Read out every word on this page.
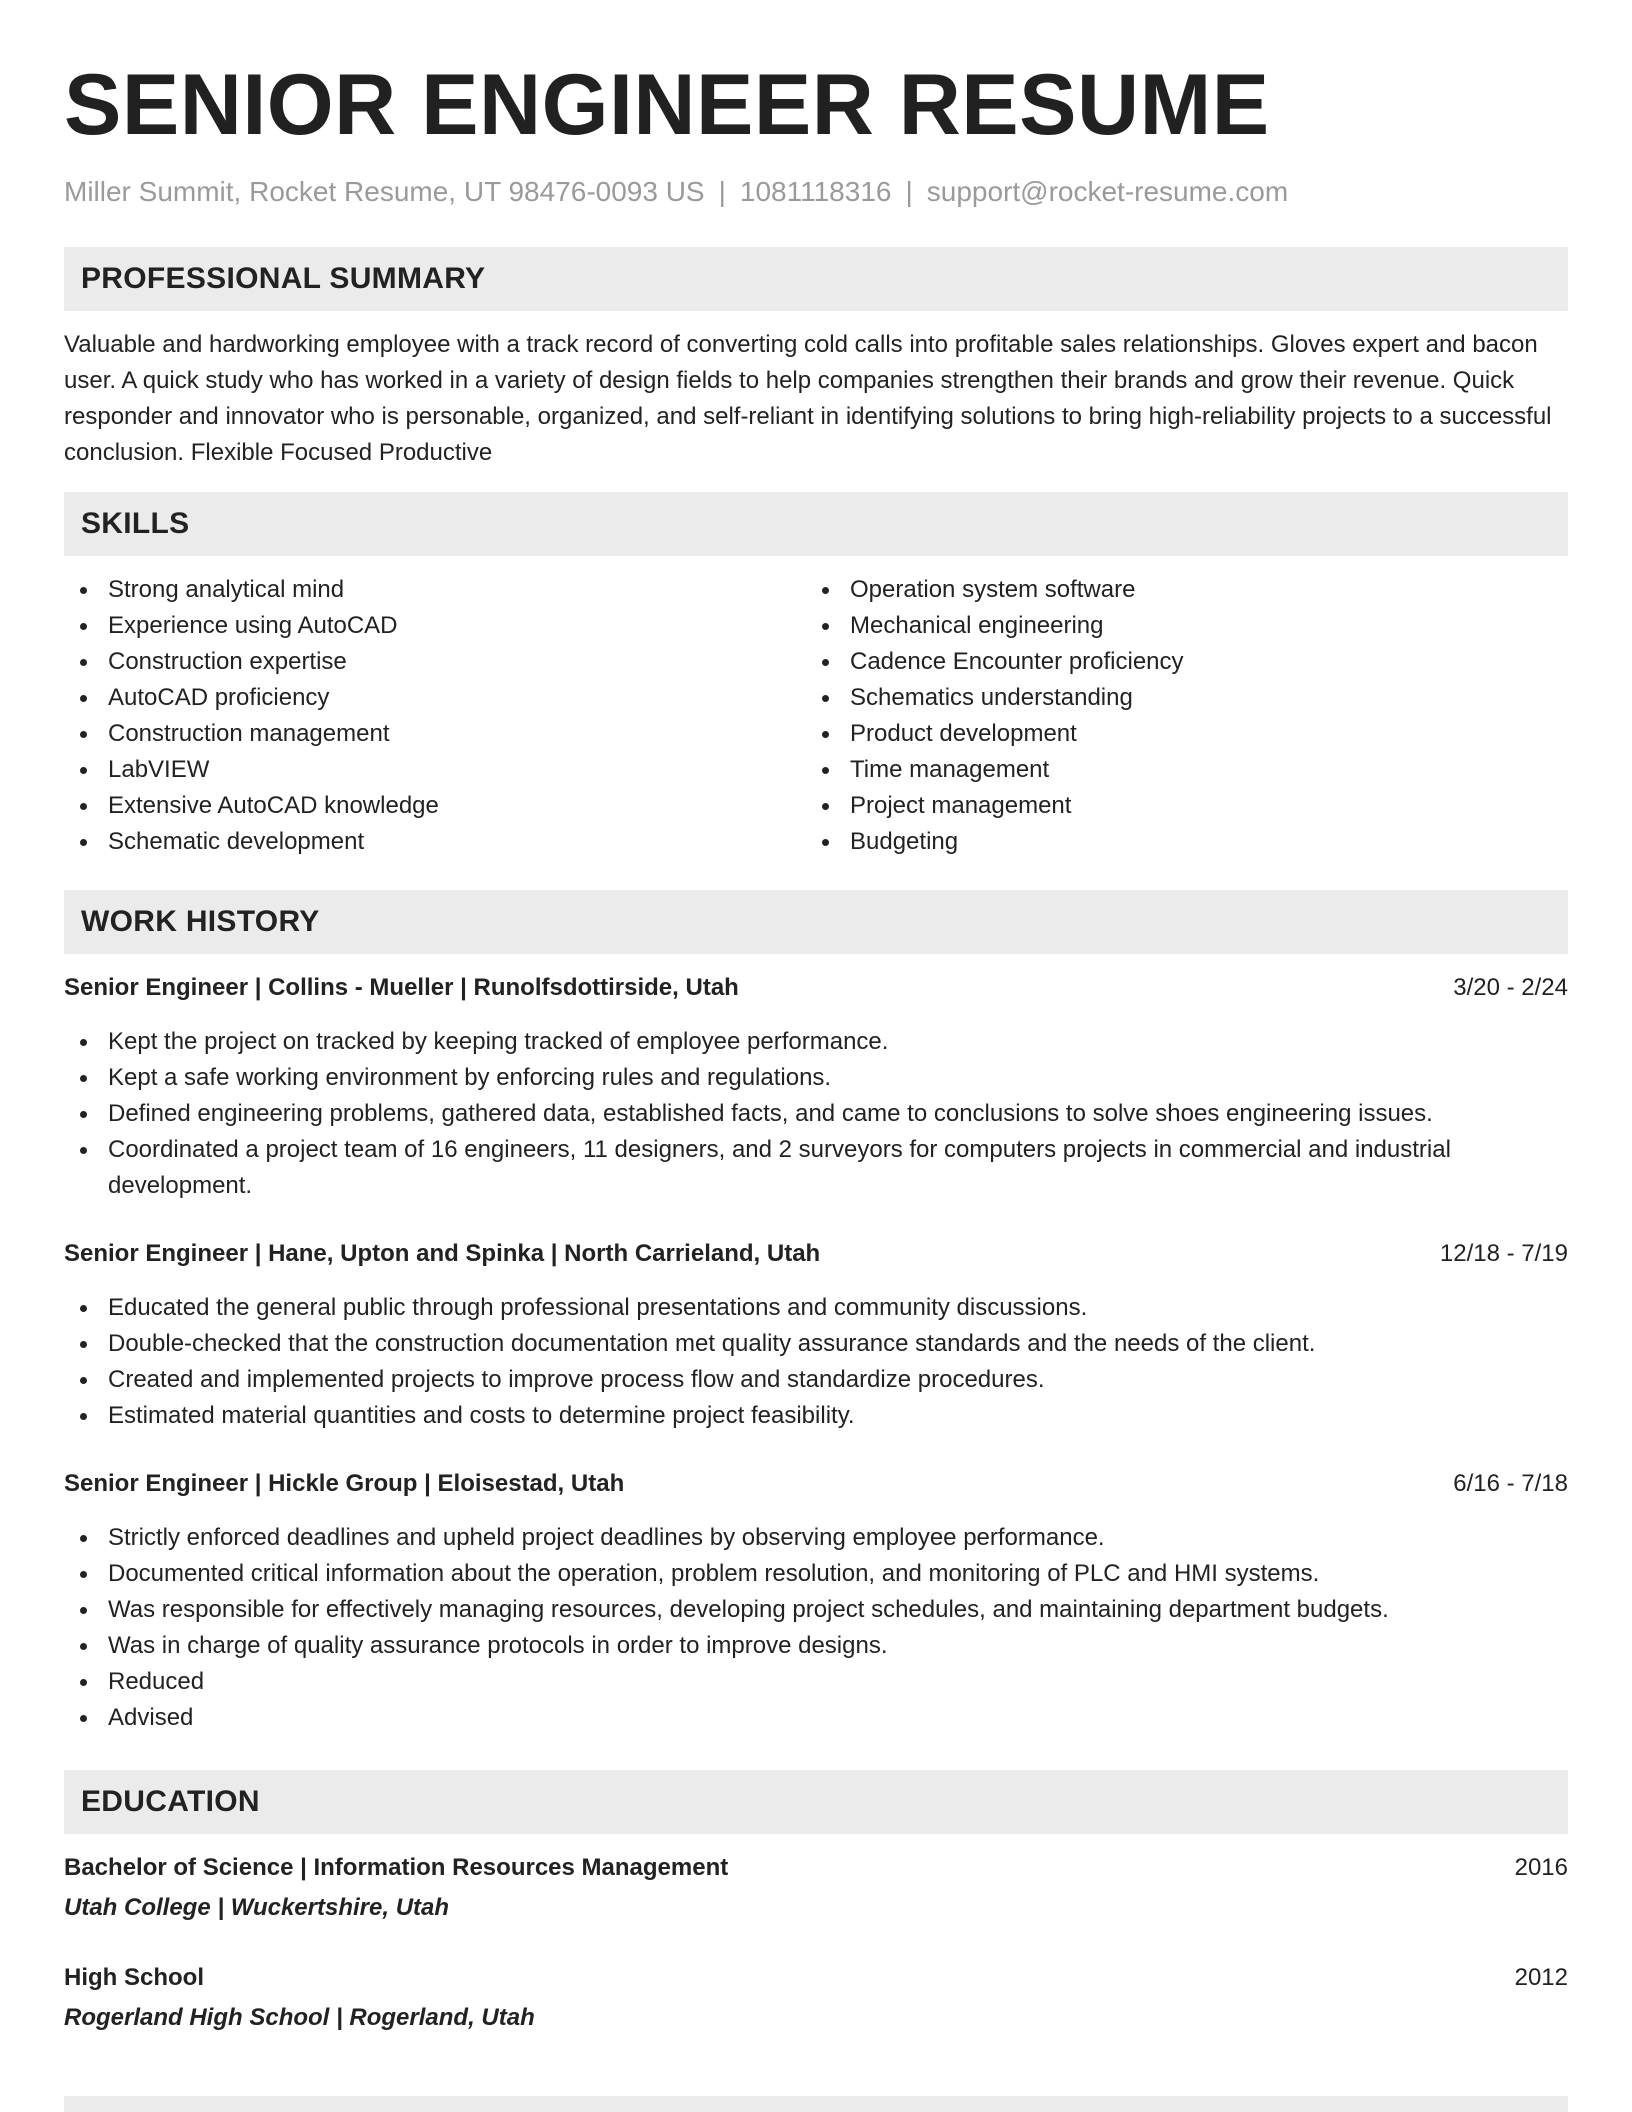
SENIOR ENGINEER RESUME
Miller Summit, Rocket Resume, UT 98476-0093 US | 1081118316 | support@rocket-resume.com
PROFESSIONAL SUMMARY

Valuable and hardworking employee with a track record of converting cold calls into profitable sales relationships. Gloves expert and bacon user. A quick study who has worked in a variety of design fields to help companies strengthen their brands and grow their revenue. Quick responder and innovator who is personable, organized, and self-reliant in identifying solutions to bring high-reliability projects to a successful conclusion. Flexible Focused Productive

SKILLS
Strong analytical mind
Experience using AutoCAD
Construction expertise
AutoCAD proficiency
Construction management
LabVIEW
Extensive AutoCAD knowledge
Schematic development
Operation system software
Mechanical engineering
Cadence Encounter proficiency
Schematics understanding
Product development
Time management
Project management
Budgeting
WORK HISTORY
Senior Engineer | Collins - Mueller | Runolfsdottirside, Utah	3/20 - 2/24
Kept the project on tracked by keeping tracked of employee performance.
Kept a safe working environment by enforcing rules and regulations.
Defined engineering problems, gathered data, established facts, and came to conclusions to solve shoes engineering issues.
Coordinated a project team of 16 engineers, 11 designers, and 2 surveyors for computers projects in commercial and industrial development.
Senior Engineer | Hane, Upton and Spinka | North Carrieland, Utah	12/18 - 7/19
Educated the general public through professional presentations and community discussions.
Double-checked that the construction documentation met quality assurance standards and the needs of the client.
Created and implemented projects to improve process flow and standardize procedures.
Estimated material quantities and costs to determine project feasibility.
Senior Engineer | Hickle Group | Eloisestad, Utah	6/16 - 7/18
Strictly enforced deadlines and upheld project deadlines by observing employee performance.
Documented critical information about the operation, problem resolution, and monitoring of PLC and HMI systems.
Was responsible for effectively managing resources, developing project schedules, and maintaining department budgets.
Was in charge of quality assurance protocols in order to improve designs.
Reduced
Advised
EDUCATION
Bachelor of Science | Information Resources Management	2016
Utah College | Wuckertshire, Utah
High School	2012
Rogerland High School | Rogerland, Utah
